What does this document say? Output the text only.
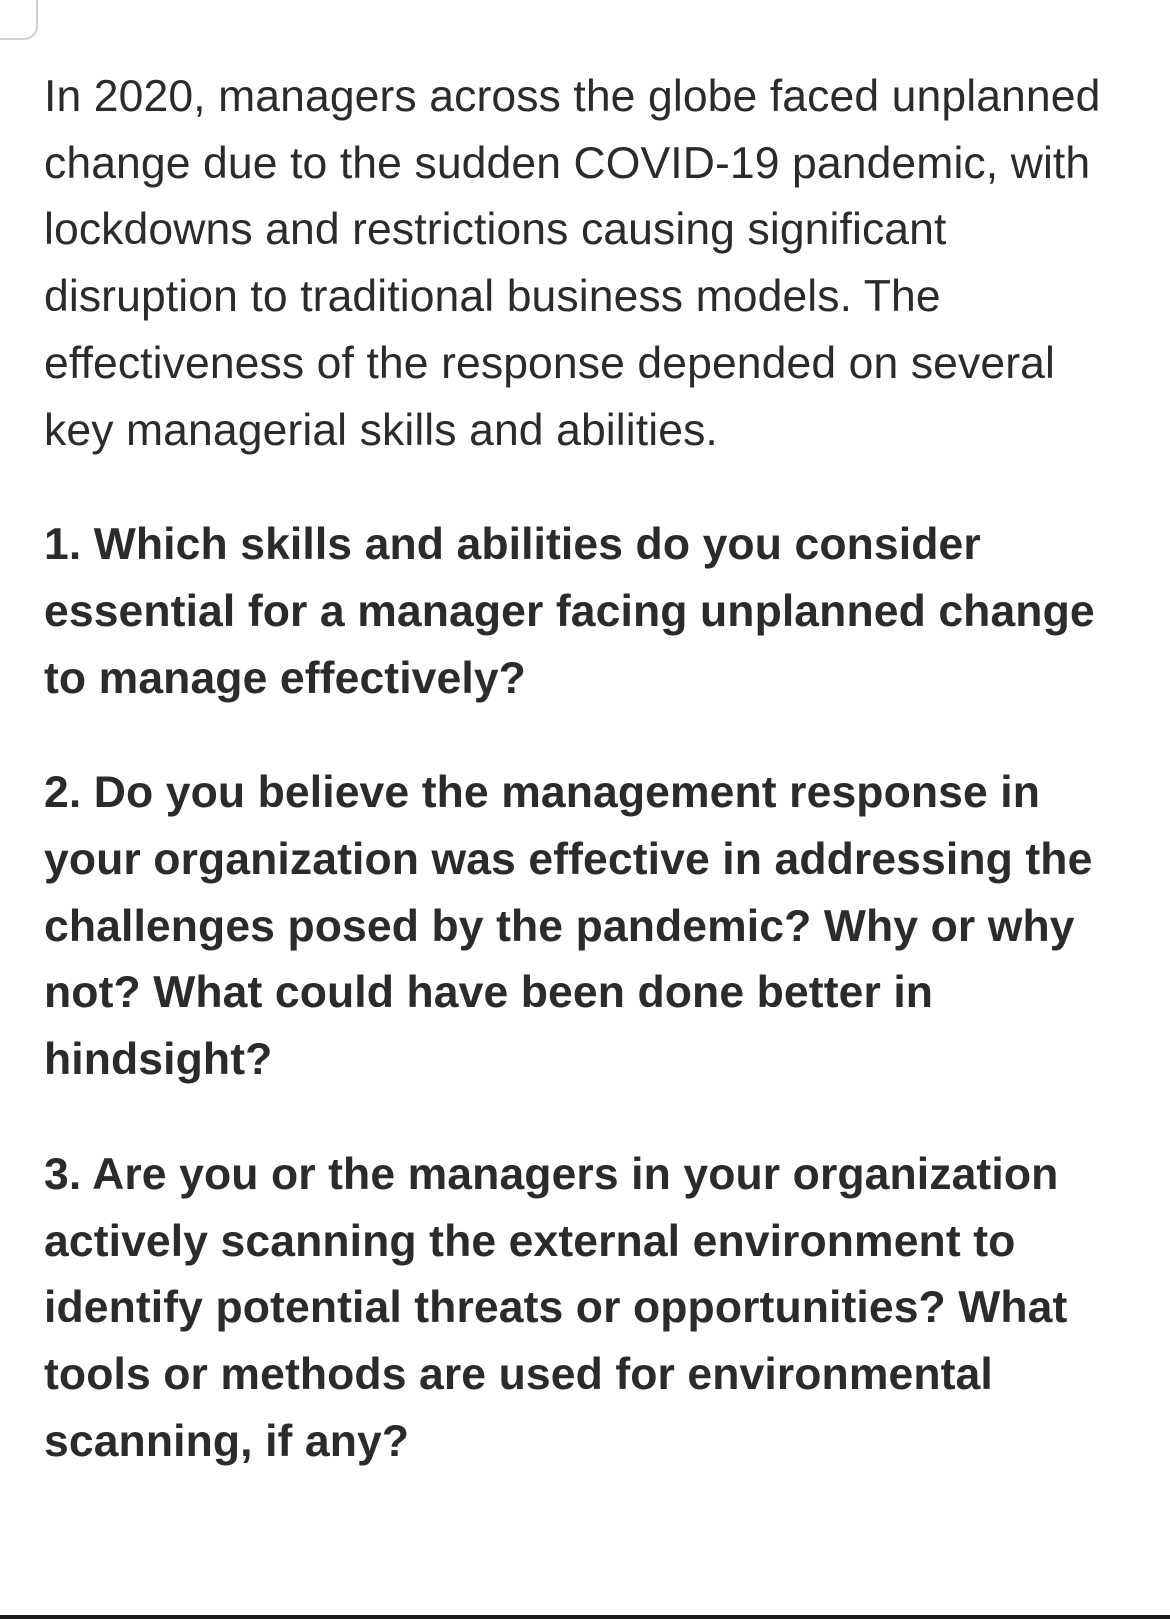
In 2020, managers across the globe faced unplanned change due to the sudden COVID-19 pandemic, with lockdowns and restrictions causing significant disruption to traditional business models. The effectiveness of the response depended on several key managerial skills and abilities.

1. Which skills and abilities do you consider essential for a manager facing unplanned change to manage effectively?

2. Do you believe the management response in your organization was effective in addressing the challenges posed by the pandemic? Why or why not? What could have been done better in hindsight?

3. Are you or the managers in your organization actively scanning the external environment to identify potential threats or opportunities? What tools or methods are used for environmental scanning, if any?
